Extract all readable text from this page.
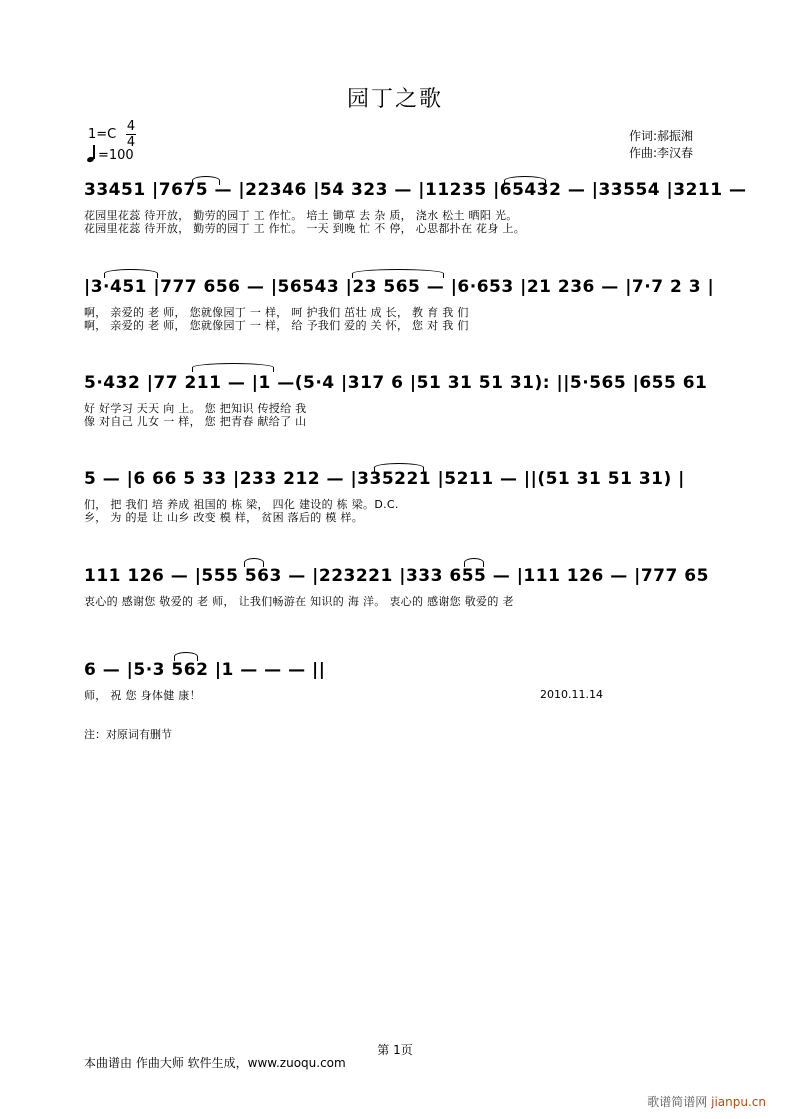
园丁之歌
1=C
4
4
=100
作词:郝振湘
作曲:李汉春
33451 |7675 — |22346 |54 323 — |11235 |65432 — |33554 |3211 —
花园里花蕊 待开放， 勤劳的园丁 工 作忙。 培土 锄草 去 杂 质， 浇水 松土 晒阳 光。
花园里花蕊 待开放， 勤劳的园丁 工 作忙。 一天 到晚 忙 不 停， 心思都扑在 花身 上。
|3·451 |777 656 — |56543 |23 565 — |6·653 |21 236 — |7·7 2 3 |
啊， 亲爱的 老 师， 您就像园丁 一 样， 呵 护我们 茁壮 成 长， 教 育 我 们
啊， 亲爱的 老 师， 您就像园丁 一 样， 给 予我们 爱的 关 怀， 您 对 我 们
5·432 |77 211 — |1 —(5·4 |317 6 |51 31 51 31): ||5·565 |655 61
好 好学习 天天 向 上。 您 把知识 传授给 我
像 对自己 儿女 一 样， 您 把青春 献给了 山
5 — |6 66 5 33 |233 212 — |335221 |5211 — ||(51 31 51 31) |
们， 把 我们 培 养成 祖国的 栋 梁， 四化 建设的 栋 梁。D.C.
乡， 为 的是 让 山乡 改变 模 样， 贫困 落后的 模 样。
111 126 — |555 563 — |223221 |333 655 — |111 126 — |777 65
衷心的 感谢您 敬爱的 老 师， 让我们畅游在 知识的 海 洋。 衷心的 感谢您 敬爱的 老
6 — |5·3 562 |1 — — — ||
师， 祝 您 身体健 康！	2010.11.14
注：对原词有删节
第 1页
本曲谱由 作曲大师 软件生成，www.zuoqu.com
歌谱简谱网 jianpu.cn
